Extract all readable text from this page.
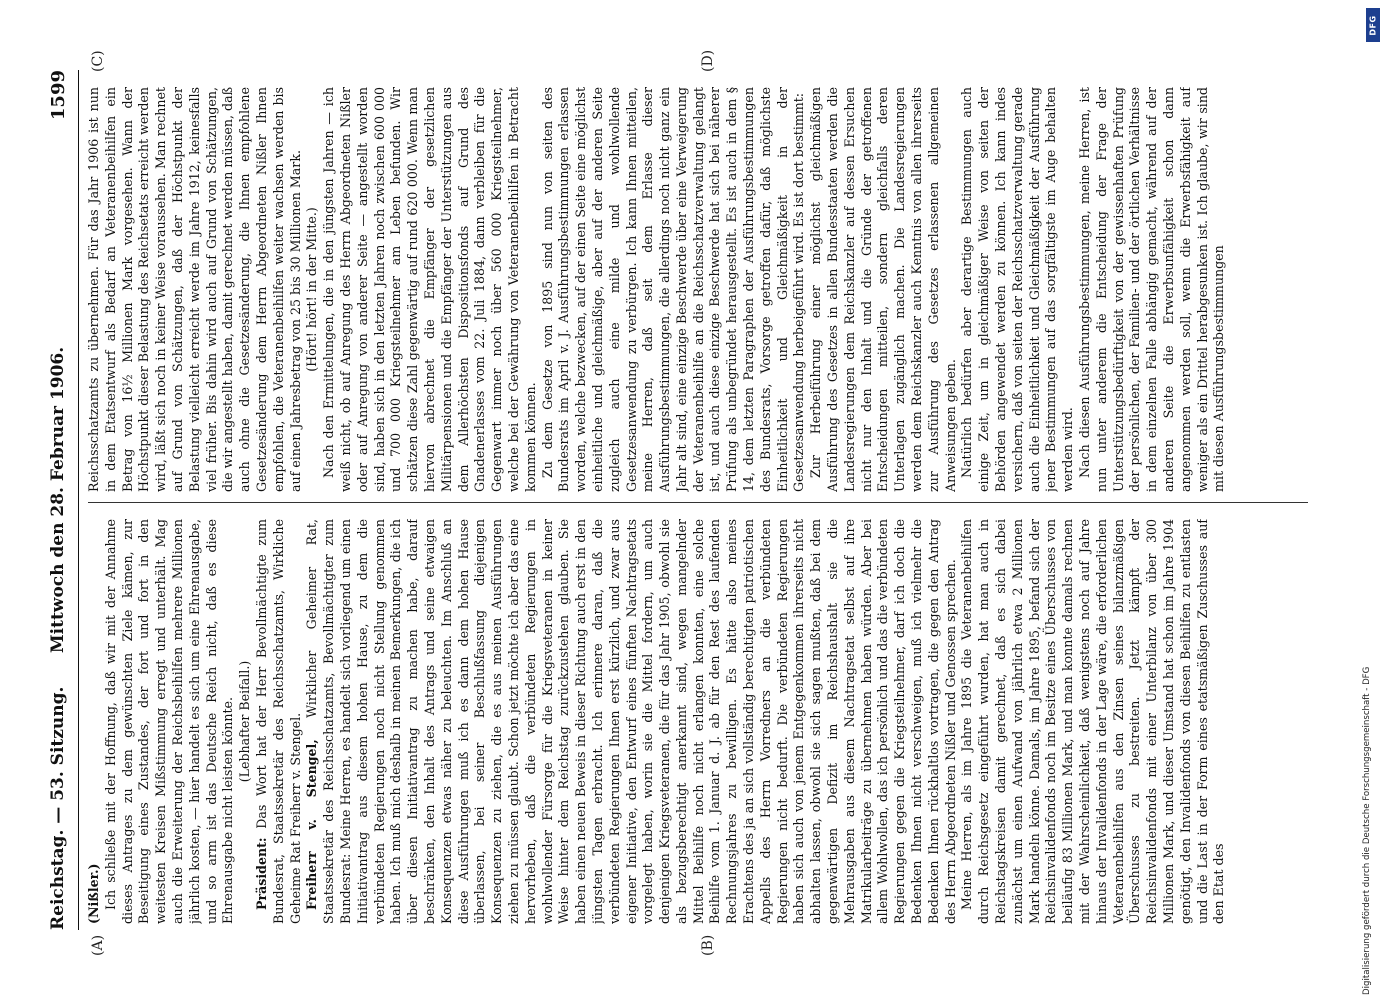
Reichstag. — 53. Sitzung.
Mittwoch den 28. Februar 1906.
1599
(A)	(B)
(C)	(D)

(Nißler.) Ich schließe mit der Hoffnung, daß wir mit der Annahme dieses Antrages zu dem gewünschten Ziele kämen, zur Beseitigung eines Zustandes, der fort und fort in den weitesten Kreisen Mißstimmung erregt und unterhält. Mag auch die Erweiterung der Reichsbeihilfen mehrere Millionen jährlich kosten, — hier handelt es sich um eine Ehrenausgabe, und so arm ist das Deutsche Reich nicht, daß es diese Ehrenausgabe nicht leisten könnte. (Lebhafter Beifall.)

Präsident: Das Wort hat der Herr Bevollmächtigte zum Bundesrat, Staatssekretär des Reichsschatzamts, Wirkliche Geheime Rat Freiherr v. Stengel. Freiherr v. Stengel, Wirklicher Geheimer Rat, Staatssekretär des Reichsschatzamts, Bevollmächtigter zum Bundesrat: Meine Herren, es handelt sich vorliegend um einen Initiativantrag aus diesem hohen Hause, zu dem die verbündeten Regierungen noch nicht Stellung genommen haben. Ich muß mich deshalb in meinen Bemerkungen, die ich über diesen Initiativantrag zu machen habe, darauf beschränken, den Inhalt des Antrags und seine etwaigen Konsequenzen etwas näher zu beleuchten. Im Anschluß an diese Ausführungen muß ich es dann dem hohen Hause überlassen, bei seiner Beschlußfassung diejenigen Konsequenzen zu ziehen, die es aus meinen Ausführungen ziehen zu müssen glaubt. Schon jetzt möchte ich aber das eine hervorheben, daß die verbündeten Regierungen in wohlwollender Fürsorge für die Kriegsveteranen in keiner Weise hinter dem Reichstag zurückzustehen glauben. Sie haben einen neuen Beweis in dieser Richtung auch erst in den jüngsten Tagen erbracht. Ich erinnere daran, daß die verbündeten Regierungen Ihnen erst kürzlich, und zwar aus eigener Initiative, den Entwurf eines fünften Nachtragsetats vorgelegt haben, worin sie die Mittel fordern, um auch denjenigen Kriegsveteranen, die für das Jahr 1905, obwohl sie als bezugsberechtigt anerkannt sind, wegen mangelnder Mittel Beihilfe noch nicht erlangen konnten, eine solche Beihilfe vom 1. Januar d. J. ab für den Rest des laufenden Rechnungsjahres zu bewilligen. Es hätte also meines Erachtens des ja an sich vollständig berechtigten patriotischen Appells des Herrn Vorredners an die verbündeten Regierungen nicht bedurft. Die verbündeten Regierungen haben sich auch von jenem Entgegenkommen ihrerseits nicht abhalten lassen, obwohl sie sich sagen mußten, daß bei dem gegenwärtigen Defizit im Reichshaushalt sie die Mehrausgaben aus diesem Nachtragsetat selbst auf ihre Matrikularbeiträge zu übernehmen haben würden. Aber bei allem Wohlwollen, das ich persönlich und das die verbündeten Regierungen gegen die Kriegsteilnehmer, darf ich doch die Bedenken Ihnen nicht verschweigen, muß ich vielmehr die Bedenken Ihnen rückhaltlos vortragen, die gegen den Antrag des Herrn Abgeordneten Nißler und Genossen sprechen. Meine Herren, als im Jahre 1895 die Veteranenbeihilfen durch Reichsgesetz eingeführt wurden, hat man auch in Reichstagskreisen damit gerechnet, daß es sich dabei zunächst um einen Aufwand von jährlich etwa 2 Millionen Mark handeln könne. Damals, im Jahre 1895, befand sich der Reichsinvalidenfonds noch im Besitze eines Überschusses von beiläufig 83 Millionen Mark, und man konnte damals rechnen mit der Wahrscheinlichkeit, daß wenigstens noch auf Jahre hinaus der Invalidenfonds in der Lage wäre, die erforderlichen Veteranenbeihilfen aus den Zinsen seines bilanzmäßigen Überschusses zu bestreiten. Jetzt kämpft der Reichsinvalidenfonds mit einer Unterbilanz von über 300 Millionen Mark, und dieser Umstand hat schon im Jahre 1904 genötigt, den Invalidenfonds von diesen Beihilfen zu entlasten und die Last in der Form eines etatsmäßigen Zuschusses auf den Etat des

Reichsschatzamts zu übernehmen. Für das Jahr 1906 ist nun in dem Etatsentwurf als Bedarf an Veteranenbeihilfen ein Betrag von 16½ Millionen Mark vorgesehen. Wann der Höchstpunkt dieser Belastung des Reichsetats erreicht werden wird, läßt sich noch in keiner Weise voraussehen. Man rechnet auf Grund von Schätzungen, daß der Höchstpunkt der Belastung vielleicht erreicht werde im Jahre 1912, keinesfalls viel früher. Bis dahin wird auch auf Grund von Schätzungen, die wir angestellt haben, damit gerechnet werden müssen, daß auch ohne die Gesetzesänderung, die Ihnen empfohlene Gesetzesänderung dem Herrn Abgeordneten Nißler Ihnen empfohlen, die Veteranenbeihilfen weiter wachsen werden bis auf einen Jahresbetrag von 25 bis 30 Millionen Mark. (Hört! hört! in der Mitte.) Nach den Ermittelungen, die in den jüngsten Jahren — ich weiß nicht, ob auf Anregung des Herrn Abgeordneten Nißler oder auf Anregung von anderer Seite — angestellt worden sind, haben sich in den letzten Jahren noch zwischen 600 000 und 700 000 Kriegsteilnehmer am Leben befunden. Wir schätzen diese Zahl gegenwärtig auf rund 620 000. Wenn man hiervon abrechnet die Empfänger der gesetzlichen Militärpensionen und die Empfänger der Unterstützungen aus dem Allerhöchsten Dispositionsfonds auf Grund des Gnadenerlasses vom 22. Juli 1884, dann verbleiben für die Gegenwart immer noch über 560 000 Kriegsteilnehmer, welche bei der Gewährung von Veteranenbeihilfen in Betracht kommen können. Zu dem Gesetze von 1895 sind nun von seiten des Bundesrats im April v. J. Ausführungsbestimmungen erlassen worden, welche bezwecken, auf der einen Seite eine möglichst einheitliche und gleichmäßige, aber auf der anderen Seite zugleich auch eine milde und wohlwollende Gesetzesanwendung zu verbürgen. Ich kann Ihnen mitteilen, meine Herren, daß seit dem Erlasse dieser Ausführungsbestimmungen, die allerdings noch nicht ganz ein Jahr alt sind, eine einzige Beschwerde über eine Verweigerung der Veteranenbeihilfe an die Reichsschatzverwaltung gelangt ist, und auch diese einzige Beschwerde hat sich bei näherer Prüfung als unbegründet herausgestellt. Es ist auch in dem § 14, dem letzten Paragraphen der Ausführungsbestimmungen des Bundesrats, Vorsorge getroffen dafür, daß möglichste Einheitlichkeit und Gleichmäßigkeit in der Gesetzesanwendung herbeigeführt wird. Es ist dort bestimmt: Zur Herbeiführung einer möglichst gleichmäßigen Ausführung des Gesetzes in allen Bundesstaaten werden die Landesregierungen dem Reichskanzler auf dessen Ersuchen nicht nur den Inhalt und die Gründe der getroffenen Entscheidungen mitteilen, sondern gleichfalls deren Unterlagen zugänglich machen. Die Landesregierungen werden dem Reichskanzler auch Kenntnis von allen ihrerseits zur Ausführung des Gesetzes erlassenen allgemeinen Anweisungen geben. Natürlich bedürfen aber derartige Bestimmungen auch einige Zeit, um in gleichmäßiger Weise von seiten der Behörden angewendet werden zu können. Ich kann indes versichern, daß von seiten der Reichsschatzverwaltung gerade auch die Einheitlichkeit und Gleichmäßigkeit der Ausführung jener Bestimmungen auf das sorgfältigste im Auge behalten werden wird. Nach diesen Ausführungsbestimmungen, meine Herren, ist nun unter anderem die Entscheidung der Frage der Unterstützungsbedürftigkeit von der gewissenhaften Prüfung der persönlichen, der Familien- und der örtlichen Verhältnisse in dem einzelnen Falle abhängig gemacht, während auf der anderen Seite die Erwerbsunfähigkeit schon dann angenommen werden soll, wenn die Erwerbsfähigkeit auf weniger als ein Drittel herabgesunken ist. Ich glaube, wir sind mit diesen Ausführungsbestimmungen

Digitalisierung gefördert durch die Deutsche Forschungsgemeinschaft - DFG
DFG
